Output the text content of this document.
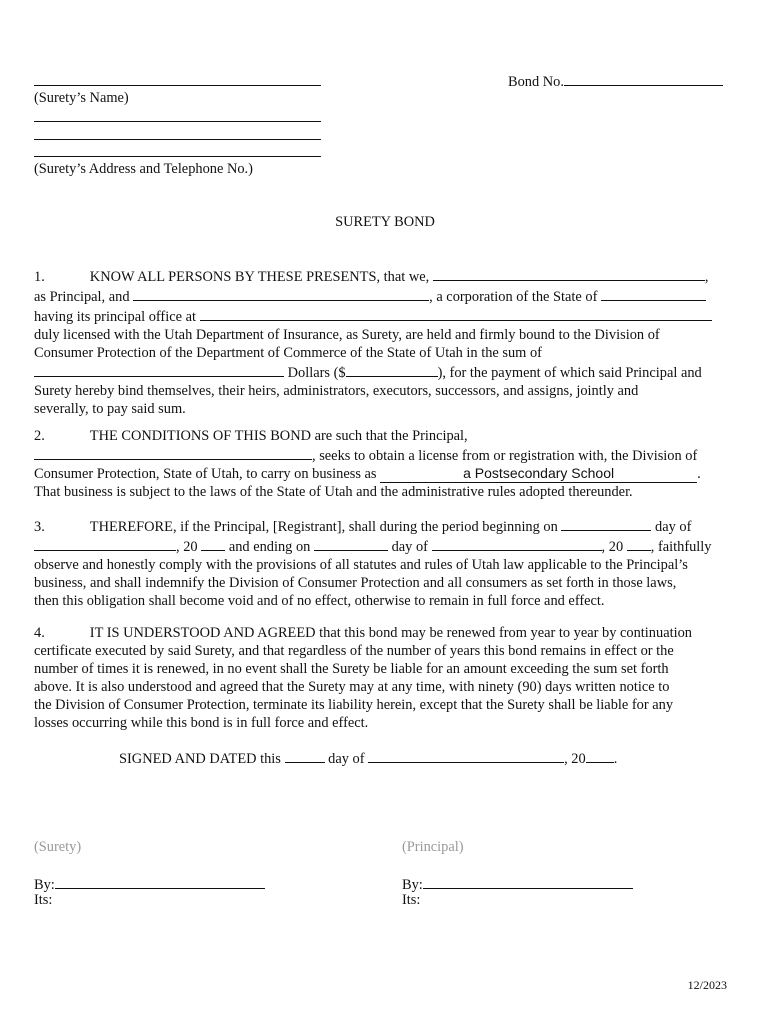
Bond No.
(Surety’s Name)
(Surety’s Address and Telephone No.)
SURETY BOND
1.	KNOW ALL PERSONS BY THESE PRESENTS, that we,	,
as Principal, and	, a corporation of the State of
having its principal office at
duly licensed with the Utah Department of Insurance, as Surety, are held and firmly bound to the Division of
Consumer Protection of the Department of Commerce of the State of Utah in the sum of
Dollars ($	), for the payment of which said Principal and
Surety hereby bind themselves, their heirs, administrators, executors, successors, and assigns, jointly and
severally, to pay said sum.
2.	THE CONDITIONS OF THIS BOND are such that the Principal,
, seeks to obtain a license from or registration with, the Division of
Consumer Protection, State of Utah, to carry on business as	a Postsecondary School	.
That business is subject to the laws of the State of Utah and the administrative rules adopted thereunder.
3.	THEREFORE, if the Principal, [Registrant], shall during the period beginning on	day of
, 20 and ending on	day of	, 20 , faithfully
observe and honestly comply with the provisions of all statutes and rules of Utah law applicable to the Principal’s
business, and shall indemnify the Division of Consumer Protection and all consumers as set forth in those laws,
then this obligation shall become void and of no effect, otherwise to remain in full force and effect.
4.	IT IS UNDERSTOOD AND AGREED that this bond may be renewed from year to year by continuation
certificate executed by said Surety, and that regardless of the number of years this bond remains in effect or the
number of times it is renewed, in no event shall the Surety be liable for an amount exceeding the sum set forth
above. It is also understood and agreed that the Surety may at any time, with ninety (90) days written notice to
the Division of Consumer Protection, terminate its liability herein, except that the Surety shall be liable for any
losses occurring while this bond is in full force and effect.
SIGNED AND DATED this	day of	, 20 .
(Surety)	(Principal)
By:
Its:
By:
Its:
12/2023
